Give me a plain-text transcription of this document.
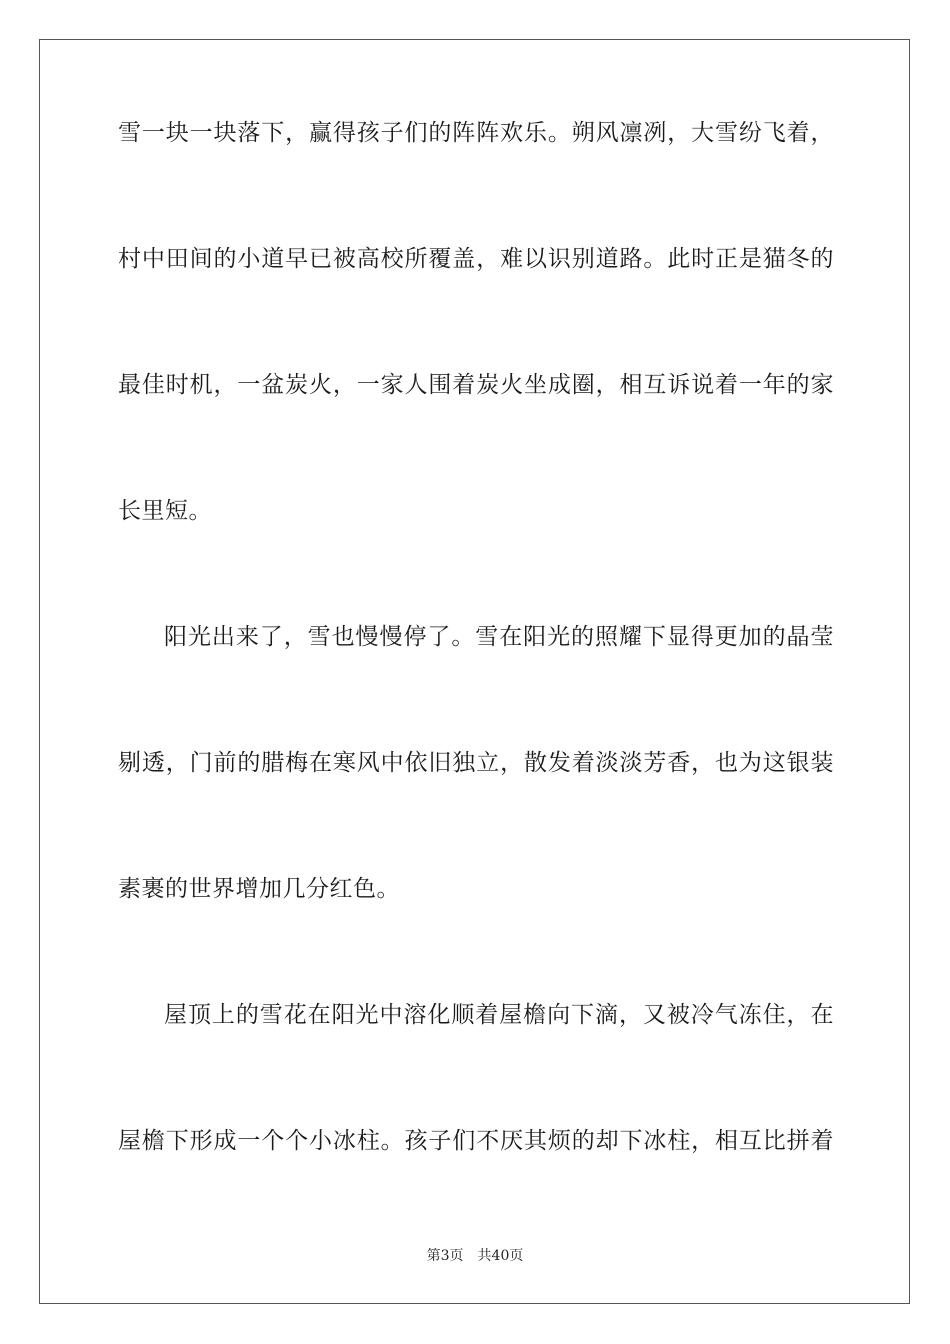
雪一块一块落下，赢得孩子们的阵阵欢乐。朔风凛冽，大雪纷飞着，
村中田间的小道早已被高校所覆盖，难以识别道路。此时正是猫冬的
最佳时机，一盆炭火，一家人围着炭火坐成圈，相互诉说着一年的家
长里短。
阳光出来了，雪也慢慢停了。雪在阳光的照耀下显得更加的晶莹
剔透，门前的腊梅在寒风中依旧独立，散发着淡淡芳香，也为这银装
素裹的世界增加几分红色。
屋顶上的雪花在阳光中溶化顺着屋檐向下滴，又被冷气冻住，在
屋檐下形成一个个小冰柱。孩子们不厌其烦的却下冰柱，相互比拼着
第3页 共40页
